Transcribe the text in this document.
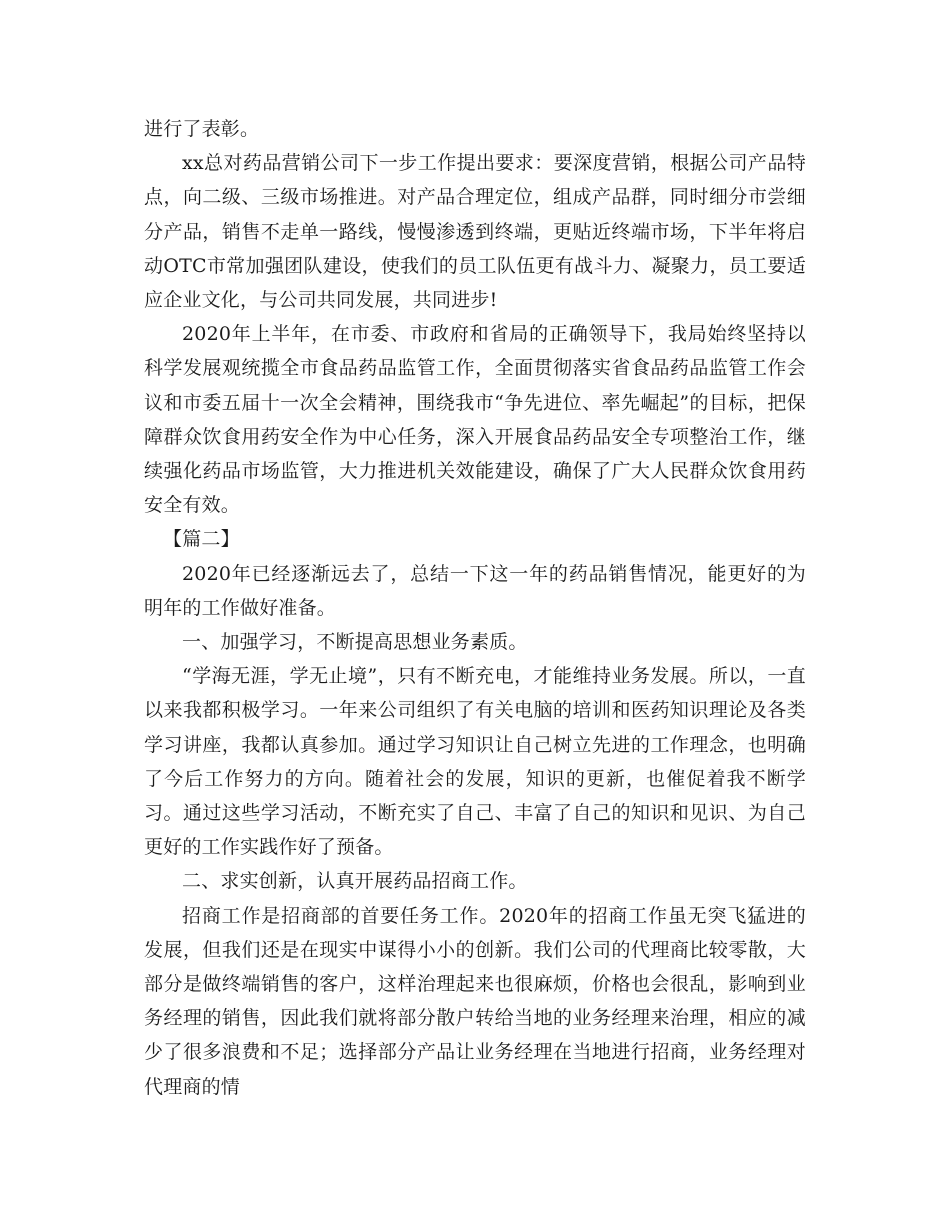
进行了表彰。

xx总对药品营销公司下一步工作提出要求：要深度营销，根据公司产品特点，向二级、三级市场推进。对产品合理定位，组成产品群，同时细分市尝细分产品，销售不走单一路线，慢慢渗透到终端，更贴近终端市场，下半年将启动OTC市常加强团队建设，使我们的员工队伍更有战斗力、凝聚力，员工要适应企业文化，与公司共同发展，共同进步!

2020年上半年，在市委、市政府和省局的正确领导下，我局始终坚持以科学发展观统揽全市食品药品监管工作，全面贯彻落实省食品药品监管工作会议和市委五届十一次全会精神，围绕我市“争先进位、率先崛起”的目标，把保障群众饮食用药安全作为中心任务，深入开展食品药品安全专项整治工作，继续强化药品市场监管，大力推进机关效能建设，确保了广大人民群众饮食用药安全有效。

【篇二】

2020年已经逐渐远去了，总结一下这一年的药品销售情况，能更好的为明年的工作做好准备。

一、加强学习，不断提高思想业务素质。

“学海无涯，学无止境”，只有不断充电，才能维持业务发展。所以，一直以来我都积极学习。一年来公司组织了有关电脑的培训和医药知识理论及各类学习讲座，我都认真参加。通过学习知识让自己树立先进的工作理念，也明确了今后工作努力的方向。随着社会的发展，知识的更新，也催促着我不断学习。通过这些学习活动，不断充实了自己、丰富了自己的知识和见识、为自己更好的工作实践作好了预备。

二、求实创新，认真开展药品招商工作。

招商工作是招商部的首要任务工作。2020年的招商工作虽无突飞猛进的发展，但我们还是在现实中谋得小小的创新。我们公司的代理商比较零散，大部分是做终端销售的客户，这样治理起来也很麻烦，价格也会很乱，影响到业务经理的销售，因此我们就将部分散户转给当地的业务经理来治理，相应的减少了很多浪费和不足；选择部分产品让业务经理在当地进行招商，业务经理对代理商的情
